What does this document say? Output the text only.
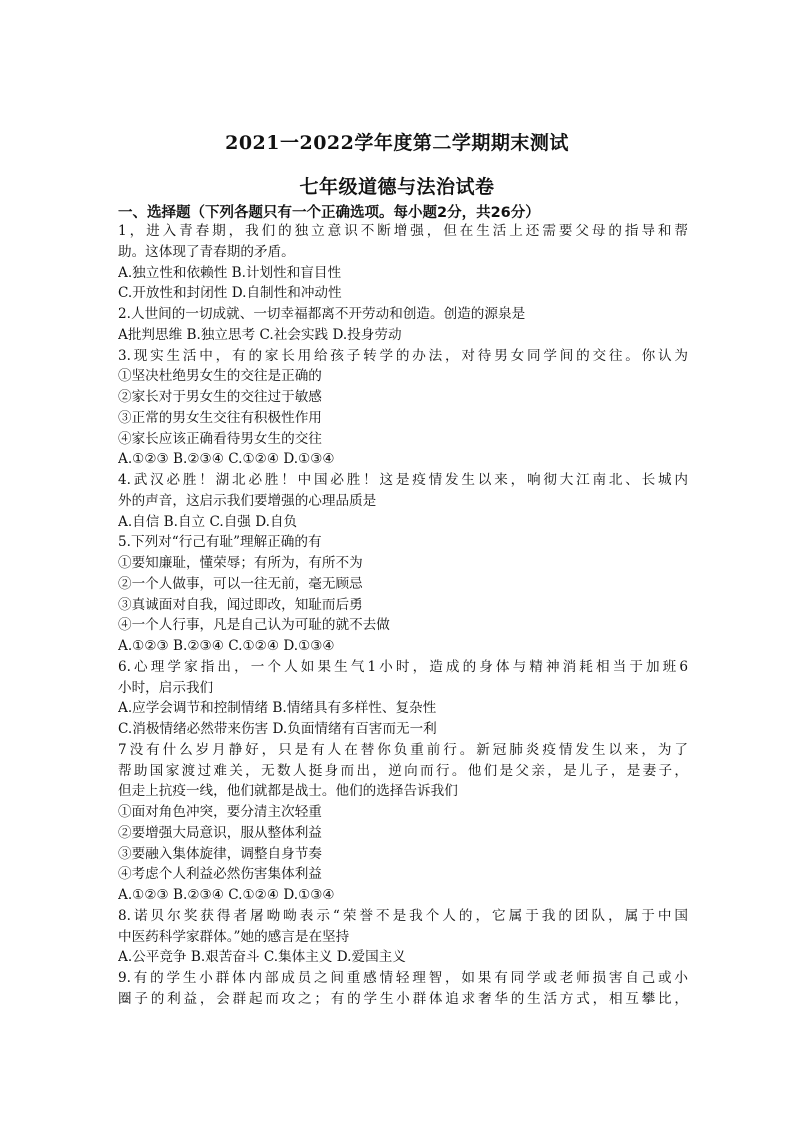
2021一2022学年度第二学期期末测试
七年级道德与法治试卷
一、选择题（下列各题只有一个正确选项。每小题2分，共26分）
1，进入青春期，我们的独立意识不断增强，但在生活上还需要父母的指导和帮
助。这体现了青春期的矛盾。
A.独立性和依赖性 B.计划性和盲目性
C.开放性和封闭性 D.自制性和冲动性
2.人世间的一切成就、一切幸福都离不开劳动和创造。创造的源泉是
A批判思维 B.独立思考 C.社会实践 D.投身劳动
3.现实生活中，有的家长用给孩子转学的办法，对待男女同学间的交往。你认为
①坚决杜绝男女生的交往是正确的
②家长对于男女生的交往过于敏感
③正常的男女生交往有积极性作用
④家长应该正确看待男女生的交往
A.①②③ B.②③④ C.①②④ D.①③④
4.武汉必胜！湖北必胜！中国必胜！这是疫情发生以来，响彻大江南北、长城内
外的声音，这启示我们要增强的心理品质是
A.自信 B.自立 C.自强 D.自负
5.下列对“行己有耻”理解正确的有
①要知廉耻，懂荣辱；有所为，有所不为
②一个人做事，可以一往无前，毫无顾忌
③真诚面对自我，闻过即改，知耻而后勇
④一个人行事，凡是自己认为可耻的就不去做
A.①②③ B.②③④ C.①②④ D.①③④
6.心理学家指出，一个人如果生气1小时，造成的身体与精神消耗相当于加班6
小时，启示我们
A.应学会调节和控制情绪 B.情绪具有多样性、复杂性
C.消极情绪必然带来伤害 D.负面情绪有百害而无一利
7没有什么岁月静好，只是有人在替你负重前行。新冠肺炎疫情发生以来，为了
帮助国家渡过难关，无数人挺身而出，逆向而行。他们是父亲，是儿子，是妻子，
但走上抗疫一线，他们就都是战士。他们的选择告诉我们
①面对角色冲突，要分清主次轻重
②要增强大局意识，服从整体利益
③要融入集体旋律，调整自身节奏
④考虑个人利益必然伤害集体利益
A.①②③ B.②③④ C.①②④ D.①③④
8.诺贝尔奖获得者屠呦呦表示“荣誉不是我个人的，它属于我的团队，属于中国
中医药科学家群体。”她的感言是在坚持
A.公平竞争 B.艰苦奋斗 C.集体主义 D.爱国主义
9.有的学生小群体内部成员之间重感情轻理智，如果有同学或老师损害自己或小
圈子的利益，会群起而攻之；有的学生小群体追求奢华的生活方式，相互攀比，
